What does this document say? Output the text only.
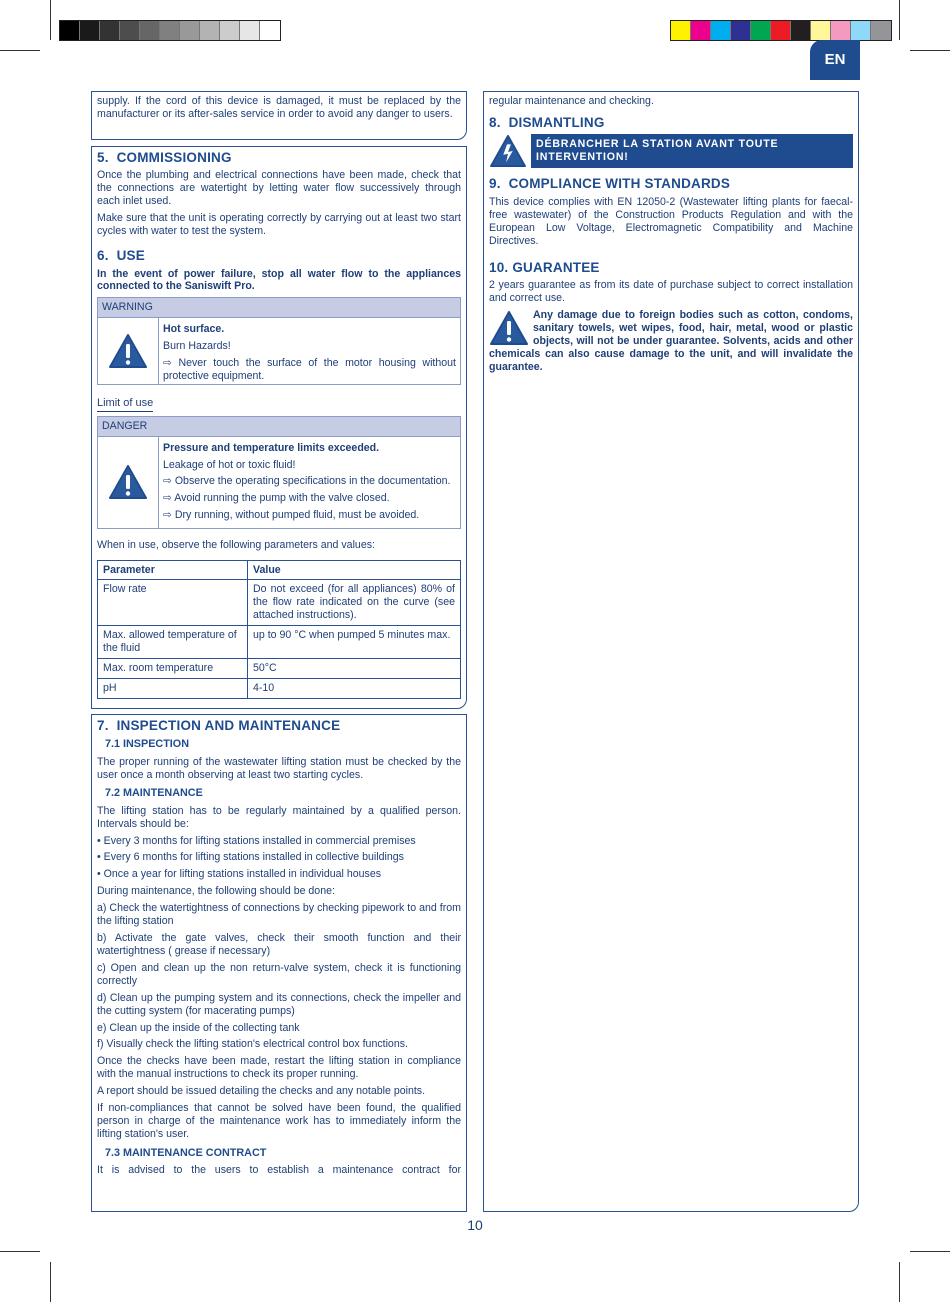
EN
supply. If the cord of this device is damaged, it must be replaced by the manufacturer or its after-sales service in order to avoid any danger to users.
5. COMMISSIONING
Once the plumbing and electrical connections have been made, check that the connections are watertight by letting water flow successively through each inlet used.
Make sure that the unit is operating correctly by carrying out at least two start cycles with water to test the system.
6. USE
In the event of power failure, stop all water flow to the appliances connected to the Saniswift Pro.
WARNING
Hot surface.
Burn Hazards!
⇨ Never touch the surface of the motor housing without protective equipment.
Limit of use
DANGER
Pressure and temperature limits exceeded.
Leakage of hot or toxic fluid!
⇨ Observe the operating specifications in the documentation.
⇨ Avoid running the pump with the valve closed.
⇨ Dry running, without pumped fluid, must be avoided.
When in use, observe the following parameters and values:
Parameter	Value
Flow rate	Do not exceed (for all appliances) 80% of the flow rate indicated on the curve (see attached instructions).
Max. allowed temperature of the fluid	up to 90 °C when pumped 5 minutes max.
Max. room temperature	50°C
pH	4-10
7. INSPECTION AND MAINTENANCE
7.1 INSPECTION
The proper running of the wastewater lifting station must be checked by the user once a month observing at least two starting cycles.
7.2 MAINTENANCE
The lifting station has to be regularly maintained by a qualified person. Intervals should be:
• Every 3 months for lifting stations installed in commercial premises
• Every 6 months for lifting stations installed in collective buildings
• Once a year for lifting stations installed in individual houses
During maintenance, the following should be done:
a) Check the watertightness of connections by checking pipework to and from the lifting station
b) Activate the gate valves, check their smooth function and their watertightness ( grease if necessary)
c) Open and clean up the non return-valve system, check it is functioning correctly
d) Clean up the pumping system and its connections, check the impeller and the cutting system (for macerating pumps)
e) Clean up the inside of the collecting tank
f) Visually check the lifting station's electrical control box functions.
Once the checks have been made, restart the lifting station in compliance with the manual instructions to check its proper running.
A report should be issued detailing the checks and any notable points.
If non-compliances that cannot be solved have been found, the qualified person in charge of the maintenance work has to immediately inform the lifting station's user.
7.3 MAINTENANCE CONTRACT
It is advised to the users to establish a maintenance contract for
regular maintenance and checking.
8. DISMANTLING
DÉBRANCHER LA STATION AVANT TOUTE INTERVENTION!
9. COMPLIANCE WITH STANDARDS
This device complies with EN 12050-2 (Wastewater lifting plants for faecal-free wastewater) of the Construction Products Regulation and with the European Low Voltage, Electromagnetic Compatibility and Machine Directives.
10. GUARANTEE
2 years guarantee as from its date of purchase subject to correct installation and correct use.
Any damage due to foreign bodies such as cotton, condoms, sanitary towels, wet wipes, food, hair, metal, wood or plastic objects, will not be under guarantee. Solvents, acids and other chemicals can also cause damage to the unit, and will invalidate the guarantee.
10
